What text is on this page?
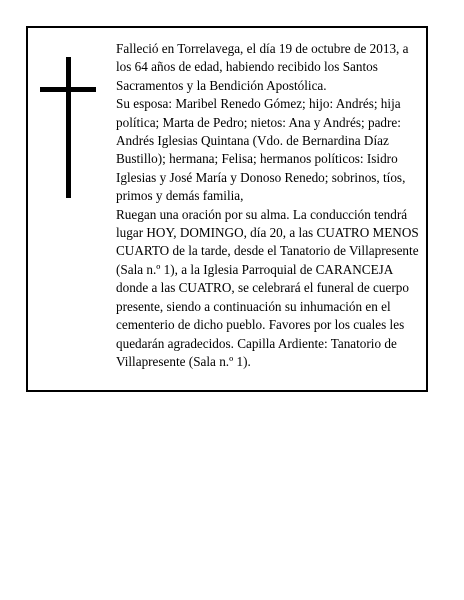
Falleció en Torrelavega, el día 19 de octubre de 2013, a los 64 años de edad, habiendo recibido los Santos Sacramentos y la Bendición Apostólica.

Su esposa: Maribel Renedo Gómez; hijo: Andrés; hija política; Marta de Pedro; nietos: Ana y Andrés; padre: Andrés Iglesias Quintana (Vdo. de Bernardina Díaz Bustillo); hermana; Felisa; hermanos políticos: Isidro Iglesias y José María y Donoso Renedo; sobrinos, tíos, primos y demás familia,

Ruegan una oración por su alma. La conducción tendrá lugar HOY, DOMINGO, día 20, a las CUATRO MENOS CUARTO de la tarde, desde el Tanatorio de Villapresente (Sala n.º 1), a la Iglesia Parroquial de CARANCEJA donde a las CUATRO, se celebrará el funeral de cuerpo presente, siendo a continuación su inhumación en el cementerio de dicho pueblo. Favores por los cuales les quedarán agradecidos. Capilla Ardiente: Tanatorio de Villapresente (Sala n.º 1).
